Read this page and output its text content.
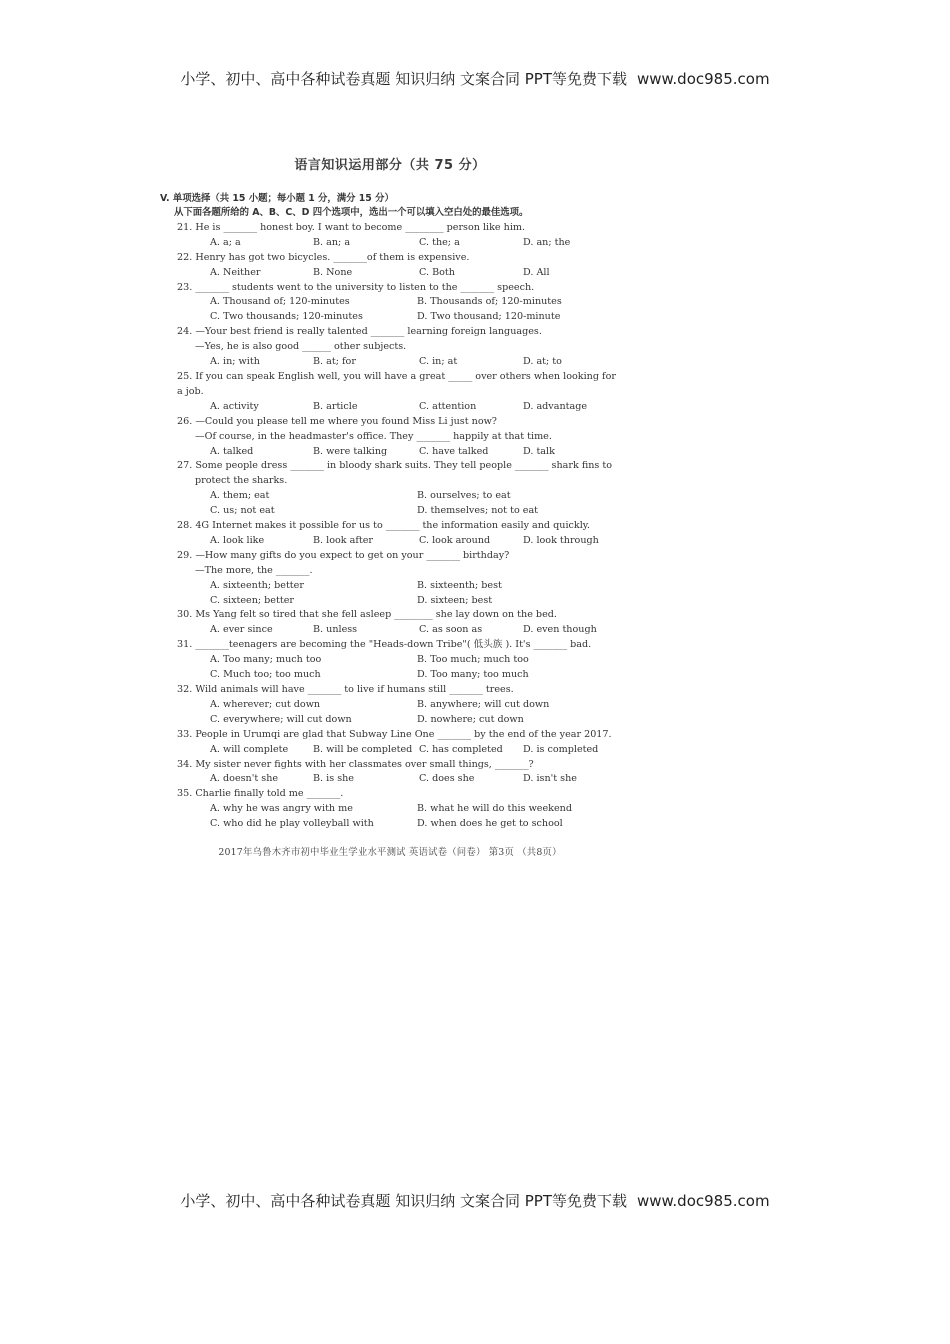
小学、初中、高中各种试卷真题 知识归纳 文案合同 PPT等免费下载 www.doc985.com
语言知识运用部分（共 75 分）
V. 单项选择（共 15 小题；每小题 1 分，满分 15 分）
从下面各题所给的 A、B、C、D 四个选项中，选出一个可以填入空白处的最佳选项。
21. He is _______ honest boy. I want to become ________ person like him.
A. a; a	B. an; a	C. the; a	D. an; the
22. Henry has got two bicycles. _______of them is expensive.
A. Neither	B. None	C. Both	D. All
23. _______ students went to the university to listen to the _______ speech.
A. Thousand of; 120-minutes	B. Thousands of; 120-minutes
C. Two thousands; 120-minutes	D. Two thousand; 120-minute
24. —Your best friend is really talented _______ learning foreign languages.
—Yes, he is also good ______ other subjects.
A. in; with	B. at; for	C. in; at	D. at; to
25. If you can speak English well, you will have a great _____ over others when looking for a job.
A. activity	B. article	C. attention	D. advantage
26. —Could you please tell me where you found Miss Li just now?
—Of course, in the headmaster's office. They _______ happily at that time.
A. talked	B. were talking	C. have talked	D. talk
27. Some people dress _______ in bloody shark suits. They tell people _______ shark fins to
protect the sharks.
A. them; eat	B. ourselves; to eat
C. us; not eat	D. themselves; not to eat
28. 4G Internet makes it possible for us to _______ the information easily and quickly.
A. look like	B. look after	C. look around	D. look through
29. —How many gifts do you expect to get on your _______ birthday?
—The more, the _______.
A. sixteenth; better	B. sixteenth; best
C. sixteen; better	D. sixteen; best
30. Ms Yang felt so tired that she fell asleep ________ she lay down on the bed.
A. ever since	B. unless	C. as soon as	D. even though
31. _______teenagers are becoming the "Heads-down Tribe"( 低头族 ). It's _______ bad.
A. Too many; much too	B. Too much; much too
C. Much too; too much	D. Too many; too much
32. Wild animals will have _______ to live if humans still _______ trees.
A. wherever; cut down	B. anywhere; will cut down
C. everywhere; will cut down	D. nowhere; cut down
33. People in Urumqi are glad that Subway Line One _______ by the end of the year 2017.
A. will complete	B. will be completed C. has completed	D. is completed
34. My sister never fights with her classmates over small things, _______?
A. doesn't she	B. is she	C. does she	D. isn't she
35. Charlie finally told me _______.
A. why he was angry with me	B. what he will do this weekend
C. who did he play volleyball with	D. when does he get to school
2017年乌鲁木齐市初中毕业生学业水平测试 英语试卷（问卷） 第3页 （共8页）
小学、初中、高中各种试卷真题 知识归纳 文案合同 PPT等免费下载 www.doc985.com
